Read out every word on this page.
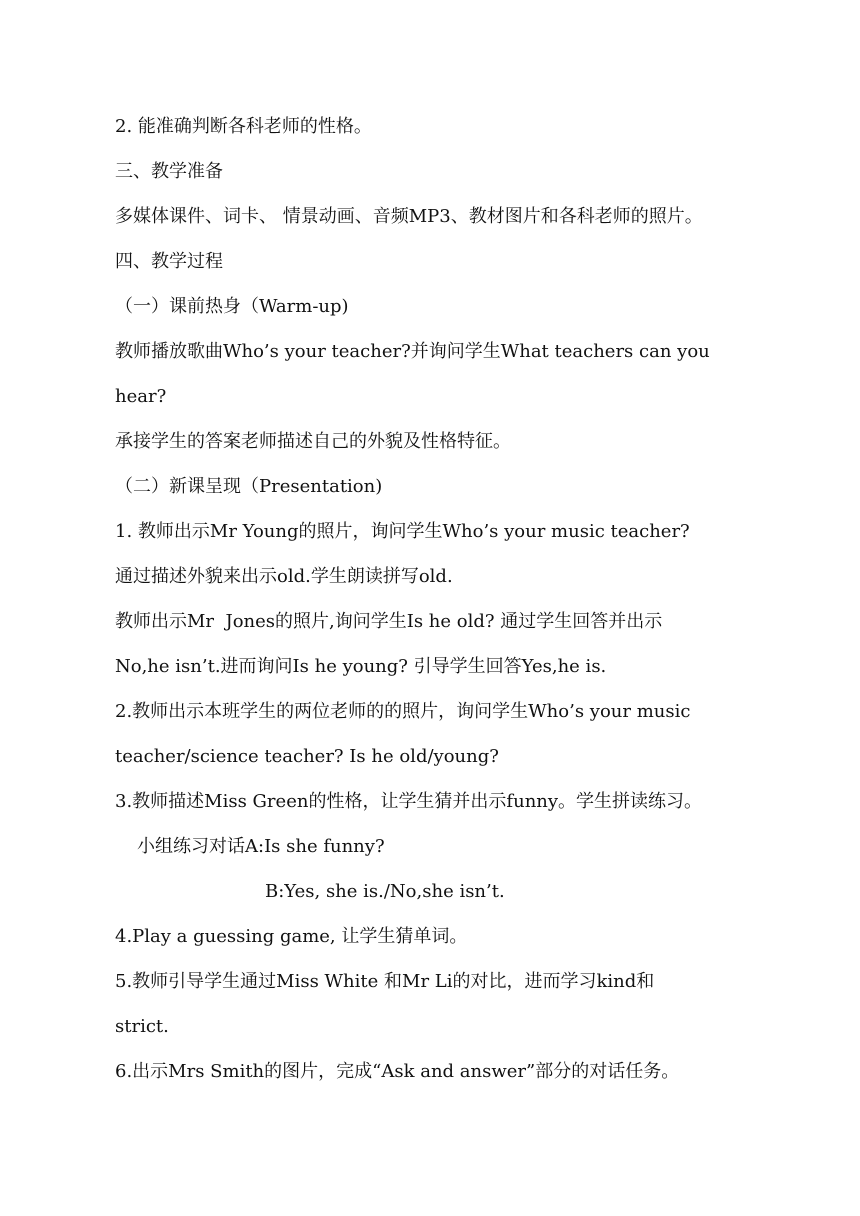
2. 能准确判断各科老师的性格。
三、教学准备
多媒体课件、词卡、 情景动画、音频MP3、教材图片和各科老师的照片。
四、教学过程
（一）课前热身（Warm-up)
教师播放歌曲Who’s your teacher?并询问学生What teachers can you
hear?
承接学生的答案老师描述自己的外貌及性格特征。
（二）新课呈现（Presentation)
1. 教师出示Mr Young的照片，询问学生Who’s your music teacher?
通过描述外貌来出示old.学生朗读拼写old.
教师出示Mr  Jones的照片,询问学生Is he old? 通过学生回答并出示
No,he isn’t.进而询问Is he young? 引导学生回答Yes,he is.
2.教师出示本班学生的两位老师的的照片，询问学生Who’s your music
teacher/science teacher? Is he old/young?
3.教师描述Miss Green的性格，让学生猜并出示funny。学生拼读练习。
小组练习对话A:Is she funny?
B:Yes, she is./No,she isn’t.
4.Play a guessing game, 让学生猜单词。
5.教师引导学生通过Miss White 和Mr Li的对比，进而学习kind和
strict.
6.出示Mrs Smith的图片，完成“Ask and answer”部分的对话任务。
